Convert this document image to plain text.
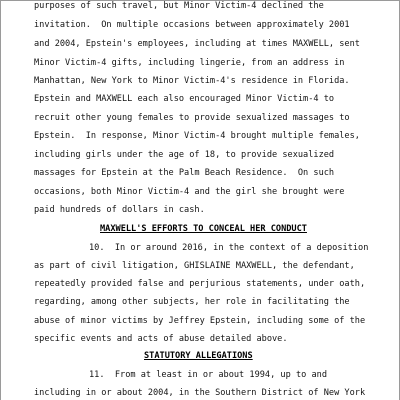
purposes of such travel, but Minor Victim-4 declined the
invitation.  On multiple occasions between approximately 2001
and 2004, Epstein's employees, including at times MAXWELL, sent
Minor Victim-4 gifts, including lingerie, from an address in
Manhattan, New York to Minor Victim-4's residence in Florida.
Epstein and MAXWELL each also encouraged Minor Victim-4 to
recruit other young females to provide sexualized massages to
Epstein.  In response, Minor Victim-4 brought multiple females,
including girls under the age of 18, to provide sexualized
massages for Epstein at the Palm Beach Residence.  On such
occasions, both Minor Victim-4 and the girl she brought were
paid hundreds of dollars in cash.
MAXWELL'S EFFORTS TO CONCEAL HER CONDUCT
10.  In or around 2016, in the context of a deposition
as part of civil litigation, GHISLAINE MAXWELL, the defendant,
repeatedly provided false and perjurious statements, under oath,
regarding, among other subjects, her role in facilitating the
abuse of minor victims by Jeffrey Epstein, including some of the
specific events and acts of abuse detailed above.
STATUTORY ALLEGATIONS
11.  From at least in or about 1994, up to and
including in or about 2004, in the Southern District of New York
